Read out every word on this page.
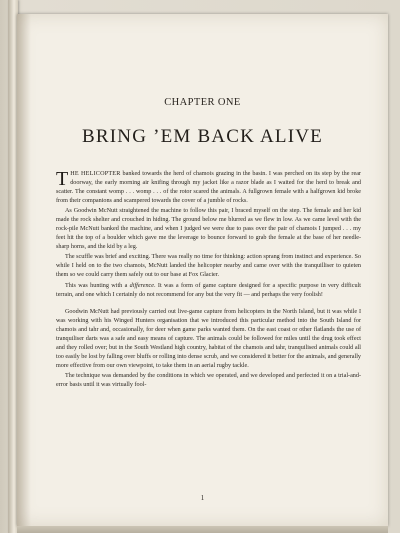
CHAPTER ONE
BRING ’EM BACK ALIVE

THE HELICOPTER banked towards the herd of chamois grazing in the basin. I was perched on its step by the rear doorway, the early morning air knifing through my jacket like a razor blade as I waited for the herd to break and scatter. The constant womp . . . womp . . . of the rotor scared the animals. A fullgrown female with a halfgrown kid broke from their companions and scampered towards the cover of a jumble of rocks.

As Goodwin McNutt straightened the machine to follow this pair, I braced myself on the step. The female and her kid made the rock shelter and crouched in hiding. The ground below me blurred as we flew in low. As we came level with the rock-pile McNutt banked the machine, and when I judged we were due to pass over the pair of chamois I jumped . . . my feet hit the top of a boulder which gave me the leverage to bounce forward to grab the female at the base of her needle-sharp horns, and the kid by a leg.

The scuffle was brief and exciting. There was really no time for thinking: action sprang from instinct and experience. So while I held on to the two chamois, McNutt landed the helicopter nearby and came over with the tranquilliser to quieten them so we could carry them safely out to our base at Fox Glacier.

This was hunting with a difference. It was a form of game capture designed for a specific purpose in very difficult terrain, and one which I certainly do not recommend for any but the very fit — and perhaps the very foolish!

Goodwin McNutt had previously carried out live-game capture from helicopters in the North Island, but it was while I was working with his Winged Hunters organisation that we introduced this particular method into the South Island for chamois and tahr and, occasionally, for deer when game parks wanted them. On the east coast or other flatlands the use of tranquiliser darts was a safe and easy means of capture. The animals could be followed for miles until the drug took effect and they rolled over; but in the South Westland high country, habitat of the chamois and tahr, tranquilised animals could all too easily be lost by falling over bluffs or rolling into dense scrub, and we considered it better for the animals, and generally more effective from our own viewpoint, to take them in an aerial rugby tackle.

The technique was demanded by the conditions in which we operated, and we developed and perfected it on a trial-and-error basis until it was virtually fool-

1
